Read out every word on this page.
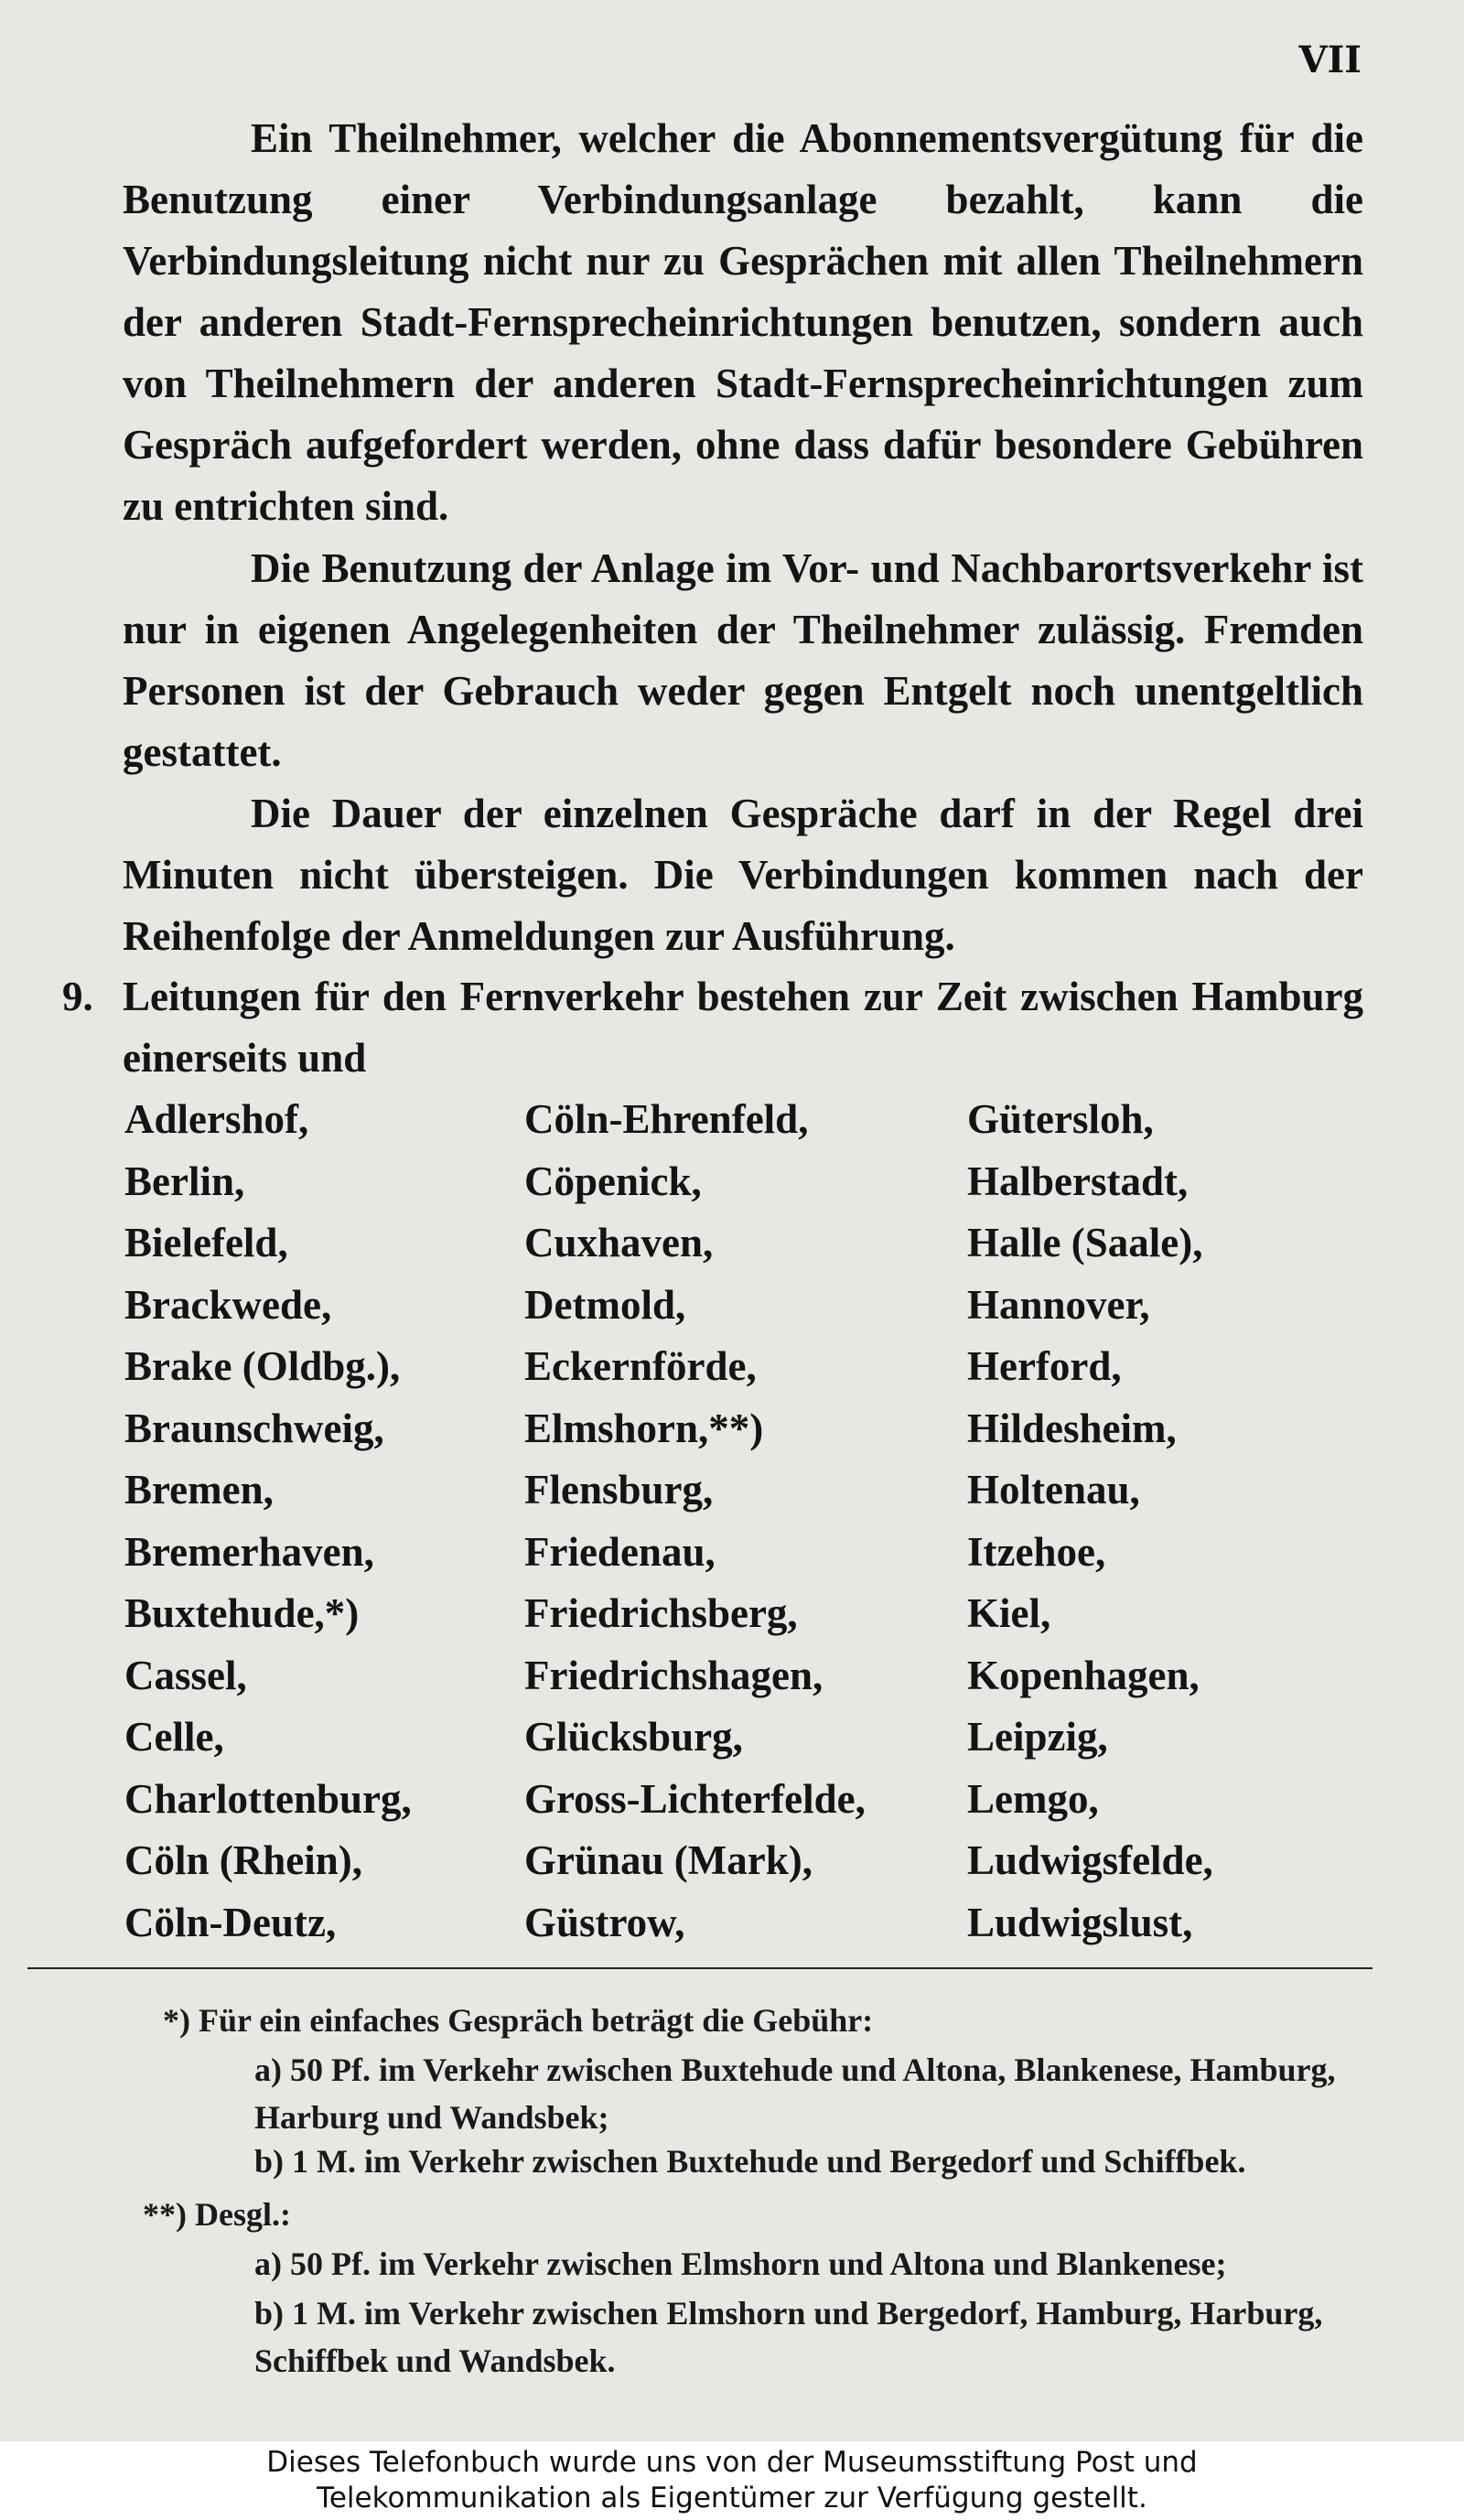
VII

Ein Theilnehmer, welcher die Abonnementsvergütung für die Benutzung einer Verbindungsanlage bezahlt, kann die Verbindungsleitung nicht nur zu Gesprächen mit allen Theilnehmern der anderen Stadt-Fernsprecheinrichtungen benutzen, sondern auch von Theilnehmern der anderen Stadt-Fernsprecheinrichtungen zum Gespräch aufgefordert werden, ohne dass dafür besondere Gebühren zu entrichten sind.

Die Benutzung der Anlage im Vor- und Nachbarortsverkehr ist nur in eigenen Angelegenheiten der Theilnehmer zulässig. Fremden Personen ist der Gebrauch weder gegen Entgelt noch unentgeltlich gestattet.

Die Dauer der einzelnen Gespräche darf in der Regel drei Minuten nicht übersteigen. Die Verbindungen kommen nach der Reihenfolge der Anmeldungen zur Ausführung.

9. Leitungen für den Fernverkehr bestehen zur Zeit zwischen Hamburg einerseits und

Adlershof,
Berlin,
Bielefeld,
Brackwede,
Brake (Oldbg.),
Braunschweig,
Bremen,
Bremerhaven,
Buxtehude,*)
Cassel,
Celle,
Charlottenburg,
Cöln (Rhein),
Cöln-Deutz,
Cöln-Ehrenfeld,
Cöpenick,
Cuxhaven,
Detmold,
Eckernförde,
Elmshorn,**)
Flensburg,
Friedenau,
Friedrichsberg,
Friedrichshagen,
Glücksburg,
Gross-Lichterfelde,
Grünau (Mark),
Güstrow,
Gütersloh,
Halberstadt,
Halle (Saale),
Hannover,
Herford,
Hildesheim,
Holtenau,
Itzehoe,
Kiel,
Kopenhagen,
Leipzig,
Lemgo,
Ludwigsfelde,
Ludwigslust,
*) Für ein einfaches Gespräch beträgt die Gebühr:
a) 50 Pf. im Verkehr zwischen Buxtehude und Altona, Blankenese, Hamburg, Harburg und Wandsbek;
b) 1 M. im Verkehr zwischen Buxtehude und Bergedorf und Schiffbek.
**) Desgl.:
a) 50 Pf. im Verkehr zwischen Elmshorn und Altona und Blankenese;
b) 1 M. im Verkehr zwischen Elmshorn und Bergedorf, Hamburg, Harburg, Schiffbek und Wandsbek.
Dieses Telefonbuch wurde uns von der Museumsstiftung Post und
Telekommunikation als Eigentümer zur Verfügung gestellt.
